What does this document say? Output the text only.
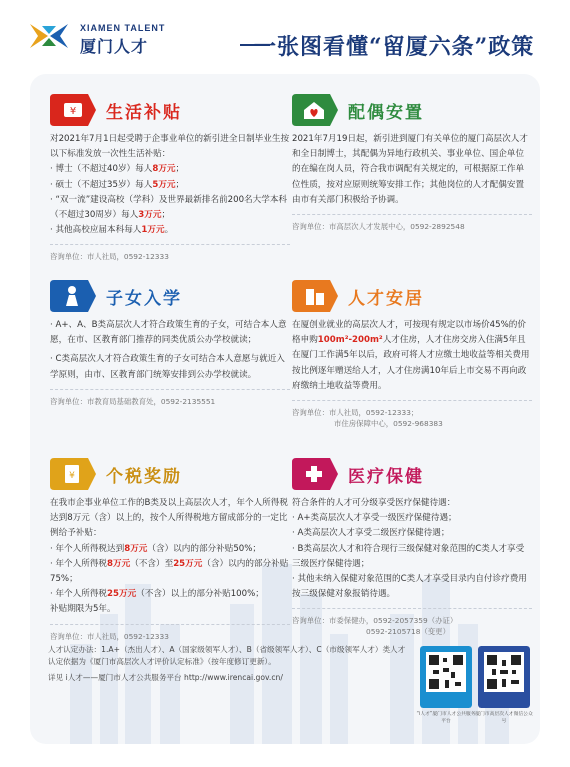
XIAMEN TALENT
厦门人才	一张图看懂“留厦六条”政策
¥ 生活补贴

对2021年7月1日起受聘于企事业单位的新引进全日制毕业生按以下标准发放一次性生活补贴：

· 博士（不超过40岁）每人8万元；

· 硕士（不超过35岁）每人5万元；

· “双一流”建设高校（学科）及世界最新排名前200名大学本科（不超过30周岁）每人3万元；

· 其他高校应届本科每人1万元。

咨询单位：市人社局，0592-12333
配偶安置

2021年7月19日起，新引进到厦门有关单位的厦门高层次人才和全日制博士，其配偶为异地行政机关、事业单位、国企单位的在编在岗人员，符合我市调配有关规定的，可根据原工作单位性质，按对应原则统筹安排工作；其他岗位的人才配偶安置由市有关部门积极给予协调。

咨询单位：市高层次人才发展中心，0592-2892548
子女入学

· A+、A、B类高层次人才符合政策生育的子女，可结合本人意愿，在市、区教育部门推荐的同类优质公办学校就读；

· C类高层次人才符合政策生育的子女可结合本人意愿与就近入学原则，由市、区教育部门统筹安排到公办学校就读。

咨询单位：市教育局基础教育处，0592-2135551
人才安居

在厦创业就业的高层次人才，可按现有规定以市场价45%的价格申购100m²-200m²人才住房，人才住房交房入住满5年且在厦门工作满5年以后，政府可将人才应缴土地收益等相关费用按比例逐年赠送给人才，人才住房满10年后上市交易不再向政府缴纳土地收益等费用。

咨询单位：市人社局，0592-12333；
市住房保障中心，0592-968383
¥ 个税奖励

在我市企事业单位工作的B类及以上高层次人才，年个人所得税达到8万元（含）以上的，按个人所得税地方留成部分的一定比例给予补贴：

· 年个人所得税达到8万元（含）以内的部分补贴50%；

· 年个人所得税8万元（不含）至25万元（含）以内的部分补贴75%；

· 年个人所得税25万元（不含）以上的部分补贴100%；

补贴期限为5年。

咨询单位：市人社局，0592-12333
医疗保健

符合条件的人才可分级享受医疗保健待遇：

· A+类高层次人才享受一级医疗保健待遇；

· A类高层次人才享受二级医疗保健待遇；

· B类高层次人才和符合现行三级保健对象范围的C类人才享受三级医疗保健待遇；

· 其他未纳入保健对象范围的C类人才享受目录内自付诊疗费用按三级保健对象报销待遇。

咨询单位：市委保健办，0592-2057359（办证）
0592-2105718（变更）

人才认定办法：1.A+（杰出人才）、A（国家级领军人才）、B（省级领军人才）、C（市级领军人才）类人才认定依据为《厦门市高层次人才评价认定标准》（按年度修订更新）。

详见 i人才——厦门市人才公共服务平台 http://www.irencai.gov.cn/

“i人才”厦门市人才公共服务平台
厦门市高层次人才微信公众号
